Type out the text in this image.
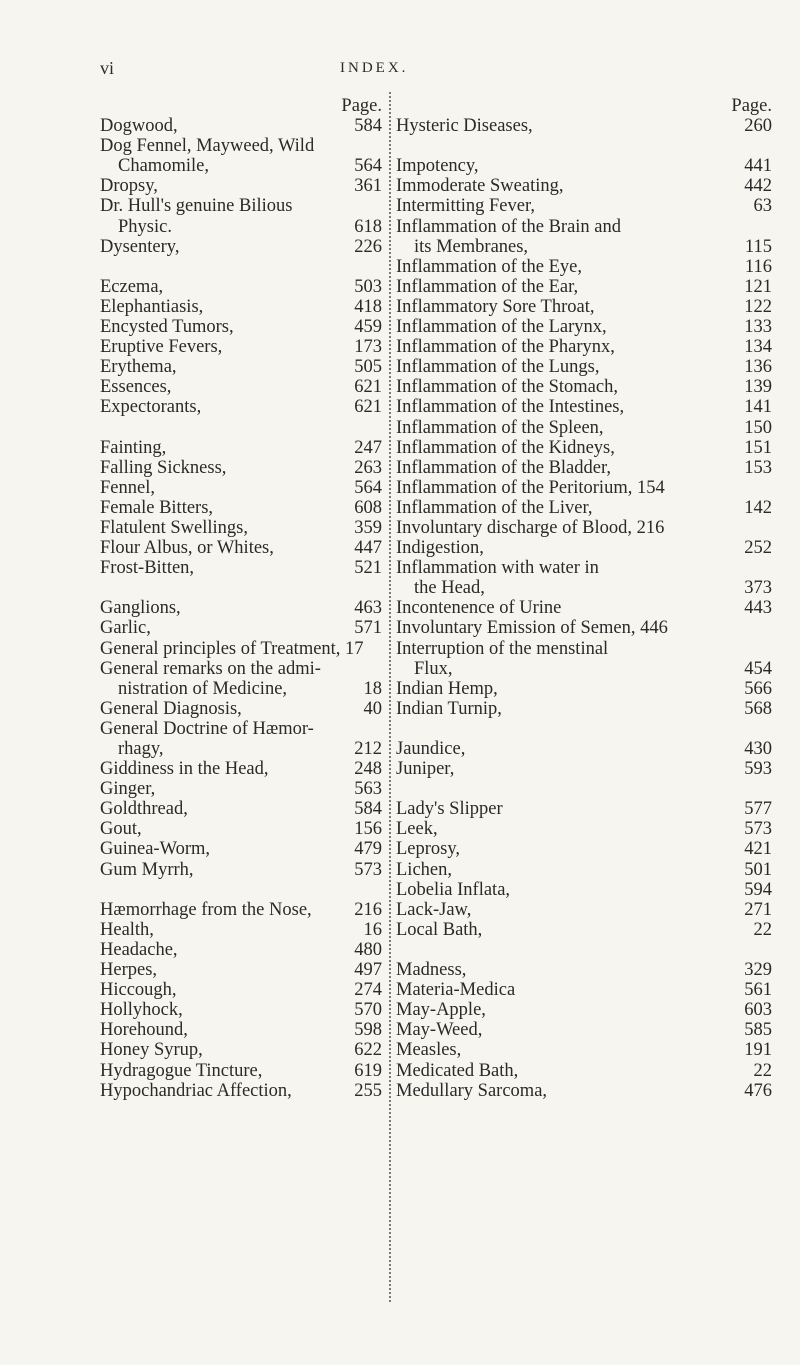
vi	INDEX.
Page.
Dogwood,	584
Dog Fennel, Mayweed, Wild
Chamomile,	564
Dropsy,	361
Dr. Hull's genuine Bilious
Physic.	618
Dysentery,	226
Eczema,	503
Elephantiasis,	418
Encysted Tumors,	459
Eruptive Fevers,	173
Erythema,	505
Essences,	621
Expectorants,	621
Fainting,	247
Falling Sickness,	263
Fennel,	564
Female Bitters,	608
Flatulent Swellings,	359
Flour Albus, or Whites,	447
Frost-Bitten,	521
Ganglions,	463
Garlic,	571
General principles of Treatment, 17
General remarks on the admi-
nistration of Medicine,	18
General Diagnosis,	40
General Doctrine of Hæmor-
rhagy,	212
Giddiness in the Head,	248
Ginger,	563
Goldthread,	584
Gout,	156
Guinea-Worm,	479
Gum Myrrh,	573
Hæmorrhage from the Nose, 216
Health,	16
Headache,	480
Herpes,	497
Hiccough,	274
Hollyhock,	570
Horehound,	598
Honey Syrup,	622
Hydragogue Tincture,	619
Hypochandriac Affection,	255
Page.
Hysteric Diseases,	260
Impotency,	441
Immoderate Sweating,	442
Intermitting Fever,	63
Inflammation of the Brain and
its Membranes,	115
Inflammation of the Eye,	116
Inflammation of the Ear,	121
Inflammatory Sore Throat,	122
Inflammation of the Larynx,	133
Inflammation of the Pharynx,	134
Inflammation of the Lungs,	136
Inflammation of the Stomach,	139
Inflammation of the Intestines,	141
Inflammation of the Spleen,	150
Inflammation of the Kidneys,	151
Inflammation of the Bladder,	153
Inflammation of the Peritorium, 154
Inflammation of the Liver,	142
Involuntary discharge of Blood, 216
Indigestion,	252
Inflammation with water in
the Head,	373
Incontenence of Urine	443
Involuntary Emission of Semen, 446
Interruption of the menstinal
Flux,	454
Indian Hemp,	566
Indian Turnip,	568
Jaundice,	430
Juniper,	593
Lady's Slipper	577
Leek,	573
Leprosy,	421
Lichen,	501
Lobelia Inflata,	594
Lack-Jaw,	271
Local Bath,	22
Madness,	329
Materia-Medica	561
May-Apple,	603
May-Weed,	585
Measles,	191
Medicated Bath,	22
Medullary Sarcoma,	476
